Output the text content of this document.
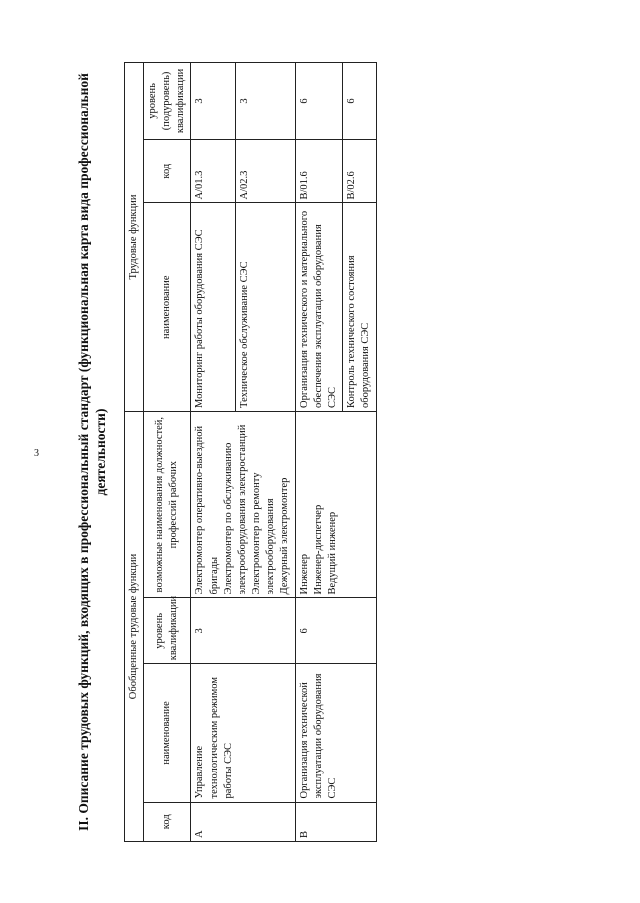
3	II. Описание трудовых функций, входящих в профессиональный стандарт (функциональная карта вида профессиональной деятельности)
Обобщенные трудовые функции				Трудовые функции		
код	наименование	уровень квалификации	возможные наименования должностей, профессий рабочих	наименование	код	уровень (подуровень) квалификации
A	Управление технологическим режимом работы СЭС	3	Электромонтер оперативно-выездной бригады Электромонтер по обслуживанию электрооборудования электростанций Электромонтер по ремонту электрооборудования Дежурный электромонтер	Мониторинг работы оборудования СЭС	A/01.3	3
				Техническое обслуживание СЭС	A/02.3	3
B	Организация технической эксплуатации оборудования СЭС	6	Инженер Инженер-диспетчер Ведущий инженер	Организация технического и материального обеспечения эксплуатации оборудования СЭС	B/01.6	6
				Контроль технического состояния оборудования СЭС	B/02.6	6
